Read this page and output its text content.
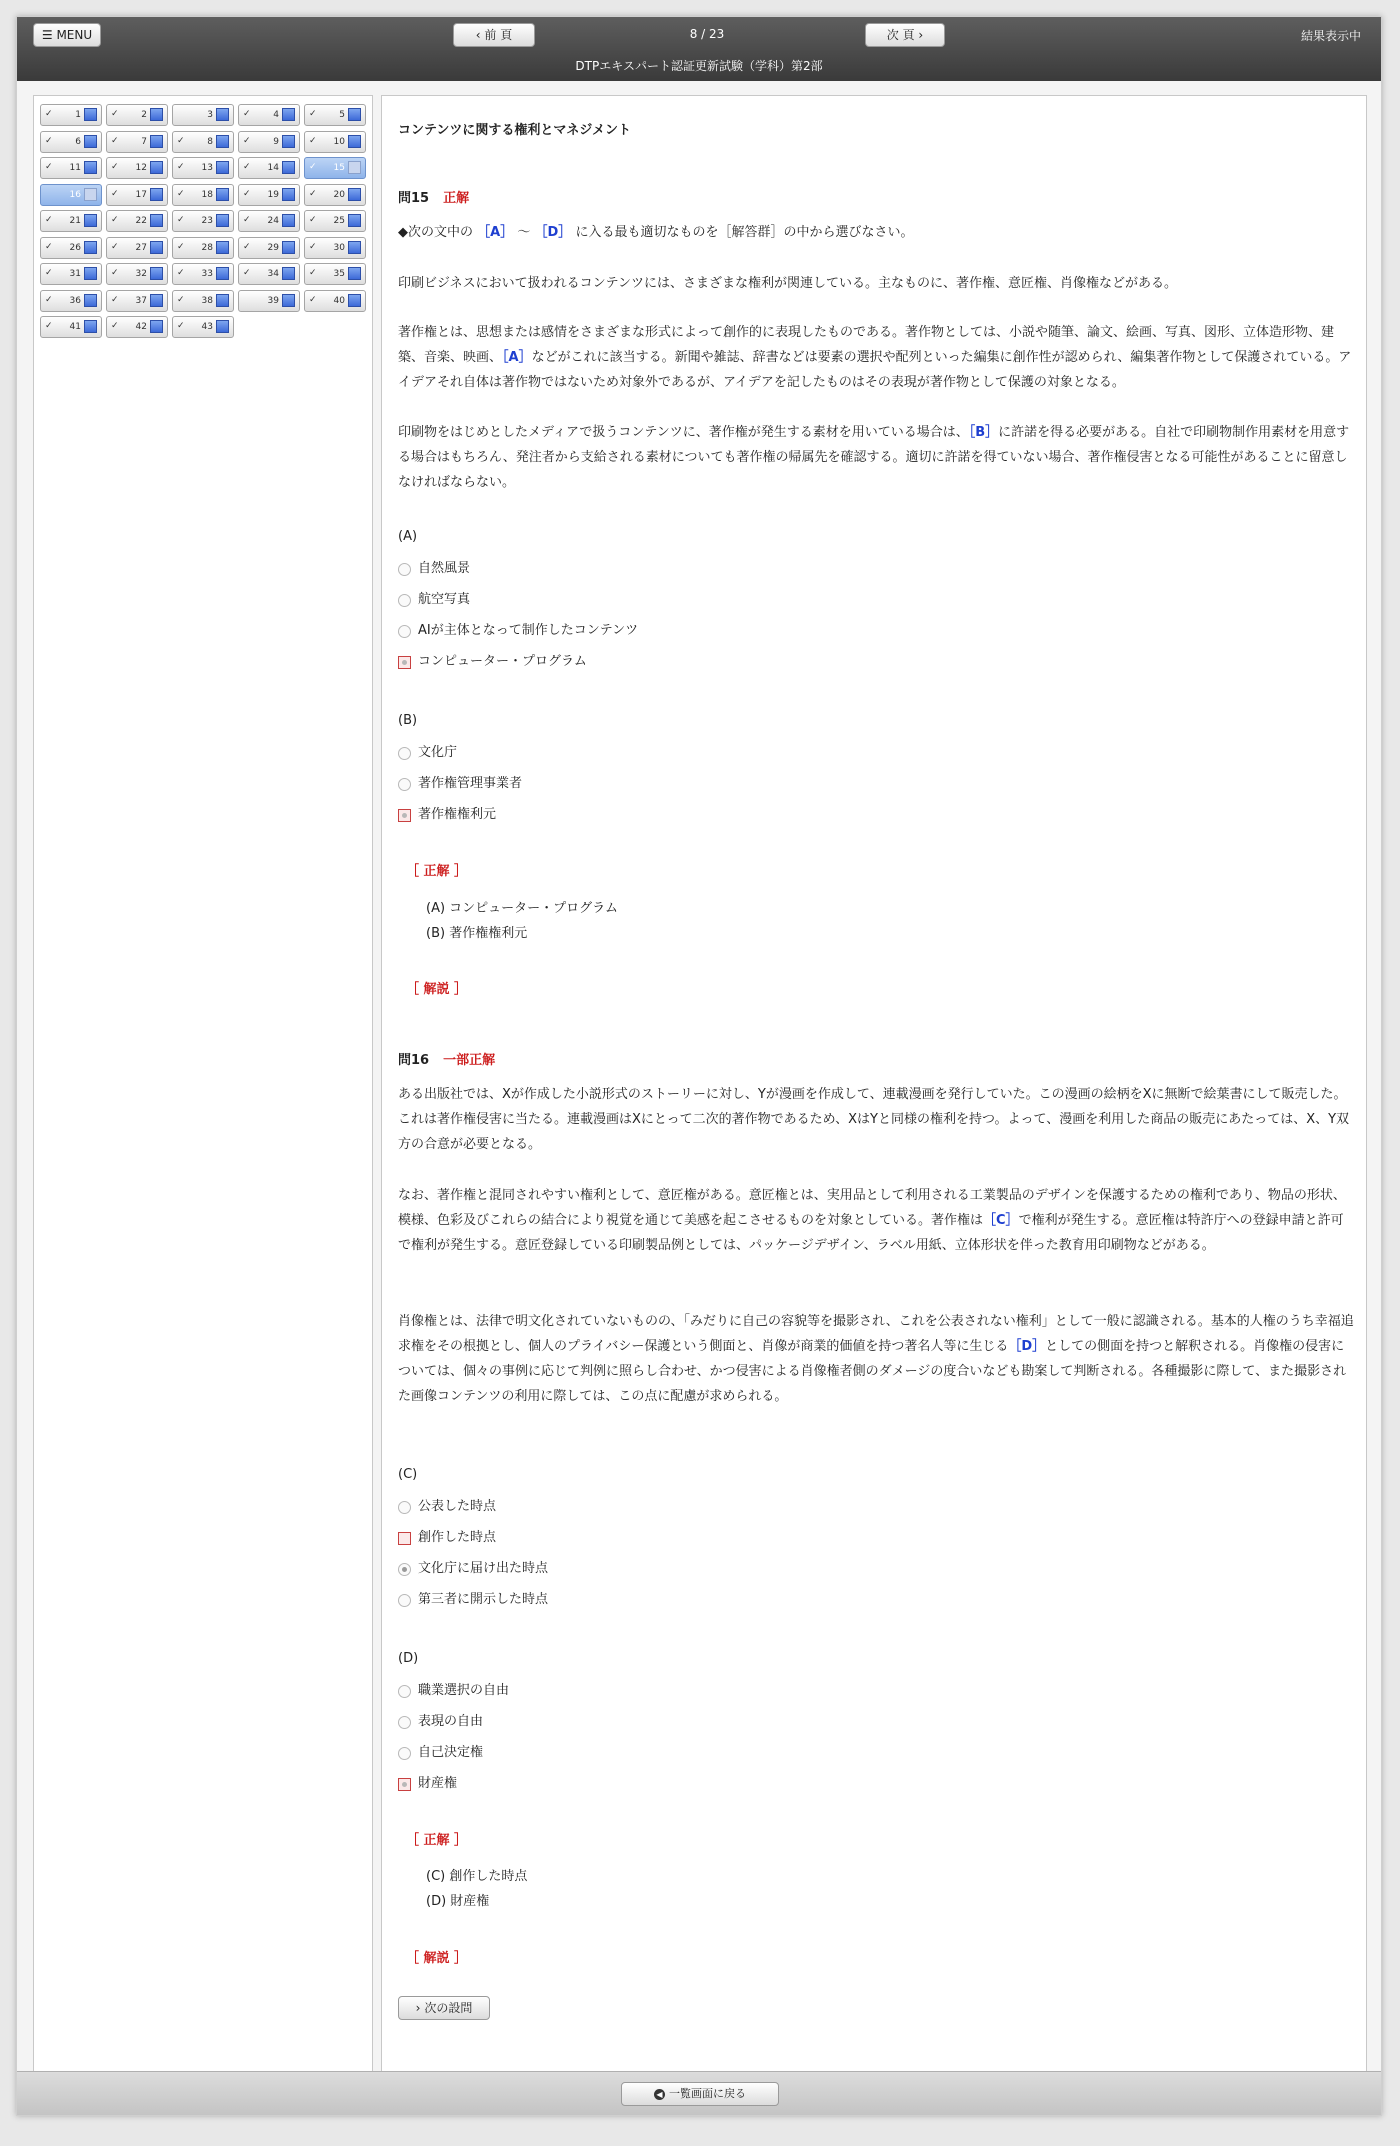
☰ MENU	‹ 前 頁	8 / 23	次 頁 ›	結果表示中
DTPエキスパート認証更新試験（学科）第2部
✓	1	✓	2	3	✓	4	✓	5
✓	6	✓	7	✓	8	✓	9	✓	10
✓	11	✓	12	✓	13	✓	14	✓	15
16	✓	17	✓	18	✓	19	✓	20
✓	21	✓	22	✓	23	✓	24	✓	25
✓	26	✓	27	✓	28	✓	29	✓	30
✓	31	✓	32	✓	33	✓	34	✓	35
✓	36	✓	37	✓	38	39	✓	40
✓	41	✓	42	✓	43
コンテンツに関する権利とマネジメント
問15 正解
◆次の文中の ［A］ 〜 ［D］ に入る最も適切なものを［解答群］の中から選びなさい。
印刷ビジネスにおいて扱われるコンテンツには、さまざまな権利が関連している。主なものに、著作権、意匠権、肖像権などがある。
著作権とは、思想または感情をさまざまな形式によって創作的に表現したものである。著作物としては、小説や随筆、論文、絵画、写真、図形、立体造形物、建築、音楽、映画、［A］などがこれに該当する。新聞や雑誌、辞書などは要素の選択や配列といった編集に創作性が認められ、編集著作物として保護されている。アイデアそれ自体は著作物ではないため対象外であるが、アイデアを記したものはその表現が著作物として保護の対象となる。
印刷物をはじめとしたメディアで扱うコンテンツに、著作権が発生する素材を用いている場合は、［B］に許諾を得る必要がある。自社で印刷物制作用素材を用意する場合はもちろん、発注者から支給される素材についても著作権の帰属先を確認する。適切に許諾を得ていない場合、著作権侵害となる可能性があることに留意しなければならない。
(A)
自然風景
航空写真
AIが主体となって制作したコンテンツ
コンピューター・プログラム
(B)
文化庁
著作権管理事業者
著作権権利元
［ 正解 ］
(A) コンピューター・プログラム
(B) 著作権権利元
［ 解説 ］
問16 一部正解
ある出版社では、Xが作成した小説形式のストーリーに対し、Yが漫画を作成して、連載漫画を発行していた。この漫画の絵柄をXに無断で絵葉書にして販売した。これは著作権侵害に当たる。連載漫画はXにとって二次的著作物であるため、XはYと同様の権利を持つ。よって、漫画を利用した商品の販売にあたっては、X、Y双方の合意が必要となる。
なお、著作権と混同されやすい権利として、意匠権がある。意匠権とは、実用品として利用される工業製品のデザインを保護するための権利であり、物品の形状、模様、色彩及びこれらの結合により視覚を通じて美感を起こさせるものを対象としている。著作権は［C］で権利が発生する。意匠権は特許庁への登録申請と許可で権利が発生する。意匠登録している印刷製品例としては、パッケージデザイン、ラベル用紙、立体形状を伴った教育用印刷物などがある。
肖像権とは、法律で明文化されていないものの、「みだりに自己の容貌等を撮影され、これを公表されない権利」として一般に認識される。基本的人権のうち幸福追求権をその根拠とし、個人のプライバシー保護という側面と、肖像が商業的価値を持つ著名人等に生じる［D］としての側面を持つと解釈される。肖像権の侵害については、個々の事例に応じて判例に照らし合わせ、かつ侵害による肖像権者側のダメージの度合いなども勘案して判断される。各種撮影に際して、また撮影された画像コンテンツの利用に際しては、この点に配慮が求められる。
(C)
公表した時点
創作した時点
文化庁に届け出た時点
第三者に開示した時点
(D)
職業選択の自由
表現の自由
自己決定権
財産権
［ 正解 ］
(C) 創作した時点
(D) 財産権
［ 解説 ］
› 次の設問
◀ 一覧画面に戻る
